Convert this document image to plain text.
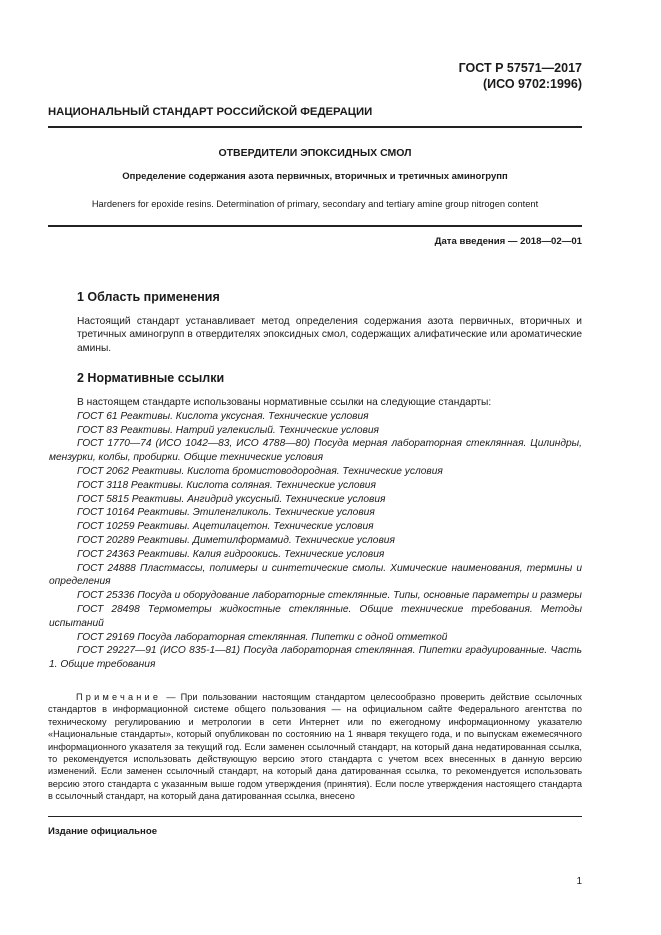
ГОСТ Р 57571—2017
(ИСО 9702:1996)
НАЦИОНАЛЬНЫЙ СТАНДАРТ РОССИЙСКОЙ ФЕДЕРАЦИИ
ОТВЕРДИТЕЛИ ЭПОКСИДНЫХ СМОЛ
Определение содержания азота первичных, вторичных и третичных аминогрупп
Hardeners for epoxide resins. Determination of primary, secondary and tertiary amine group nitrogen content
Дата введения — 2018—02—01
1 Область применения
Настоящий стандарт устанавливает метод определения содержания азота первичных, вторичных и третичных аминогрупп в отвердителях эпоксидных смол, содержащих алифатические или ароматические амины.
2 Нормативные ссылки
В настоящем стандарте использованы нормативные ссылки на следующие стандарты:
ГОСТ 61 Реактивы. Кислота уксусная. Технические условия
ГОСТ 83 Реактивы. Натрий углекислый. Технические условия
ГОСТ 1770—74 (ИСО 1042—83, ИСО 4788—80) Посуда мерная лабораторная стеклянная. Цилиндры, мензурки, колбы, пробирки. Общие технические условия
ГОСТ 2062 Реактивы. Кислота бромистоводородная. Технические условия
ГОСТ 3118 Реактивы. Кислота соляная. Технические условия
ГОСТ 5815 Реактивы. Ангидрид уксусный. Технические условия
ГОСТ 10164 Реактивы. Этиленгликоль. Технические условия
ГОСТ 10259 Реактивы. Ацетилацетон. Технические условия
ГОСТ 20289 Реактивы. Диметилформамид. Технические условия
ГОСТ 24363 Реактивы. Калия гидроокись. Технические условия
ГОСТ 24888 Пластмассы, полимеры и синтетические смолы. Химические наименования, термины и определения
ГОСТ 25336 Посуда и оборудование лабораторные стеклянные. Типы, основные параметры и размеры
ГОСТ 28498 Термометры жидкостные стеклянные. Общие технические требования. Методы испытаний
ГОСТ 29169 Посуда лабораторная стеклянная. Пипетки с одной отметкой
ГОСТ 29227—91 (ИСО 835-1—81) Посуда лабораторная стеклянная. Пипетки градуированные. Часть 1. Общие требования
Примечание — При пользовании настоящим стандартом целесообразно проверить действие ссылочных стандартов в информационной системе общего пользования — на официальном сайте Федерального агентства по техническому регулированию и метрологии в сети Интернет или по ежегодному информационному указателю «Национальные стандарты», который опубликован по состоянию на 1 января текущего года, и по выпускам ежемесячного информационного указателя за текущий год. Если заменен ссылочный стандарт, на который дана недатированная ссылка, то рекомендуется использовать действующую версию этого стандарта с учетом всех внесенных в данную версию изменений. Если заменен ссылочный стандарт, на который дана датированная ссылка, то рекомендуется использовать версию этого стандарта с указанным выше годом утверждения (принятия). Если после утверждения настоящего стандарта в ссылочный стандарт, на который дана датированная ссылка, внесено
Издание официальное
1
